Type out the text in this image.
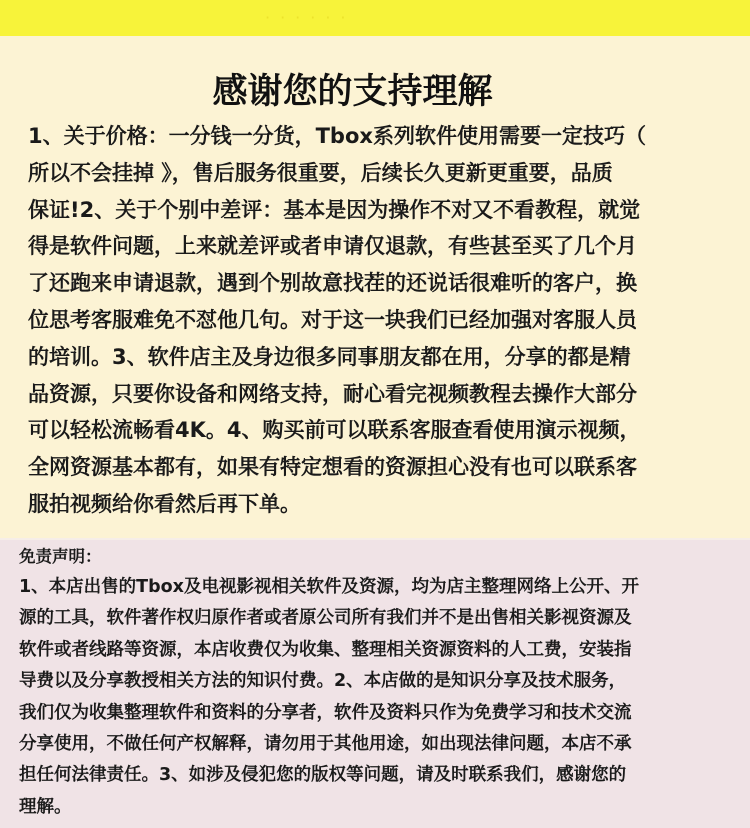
······
感谢您的支持理解
1、关于价格：一分钱一分货，Tbox系列软件使用需要一定技巧（
所以不会挂掉 》，售后服务很重要，后续长久更新更重要，品质
保证!2、关于个别中差评：基本是因为操作不对又不看教程，就觉
得是软件问题，上来就差评或者申请仅退款，有些甚至买了几个月
了还跑来申请退款，遇到个别故意找茬的还说话很难听的客户，换
位思考客服难免不怼他几句。对于这一块我们已经加强对客服人员
的培训。3、软件店主及身边很多同事朋友都在用，分享的都是精
品资源，只要你设备和网络支持，耐心看完视频教程去操作大部分
可以轻松流畅看4K。4、购买前可以联系客服查看使用演示视频，
全网资源基本都有，如果有特定想看的资源担心没有也可以联系客
服拍视频给你看然后再下单。
免责声明：
1、本店出售的Tbox及电视影视相关软件及资源，均为店主整理网络上公开、开
源的工具，软件著作权归原作者或者原公司所有我们并不是出售相关影视资源及
软件或者线路等资源，本店收费仅为收集、整理相关资源资料的人工费，安装指
导费以及分享教授相关方法的知识付费。2、本店做的是知识分享及技术服务，
我们仅为收集整理软件和资料的分享者，软件及资料只作为免费学习和技术交流
分享使用，不做任何产权解释，请勿用于其他用途，如出现法律问题，本店不承
担任何法律责任。3、如涉及侵犯您的版权等问题，请及时联系我们，感谢您的
理解。
